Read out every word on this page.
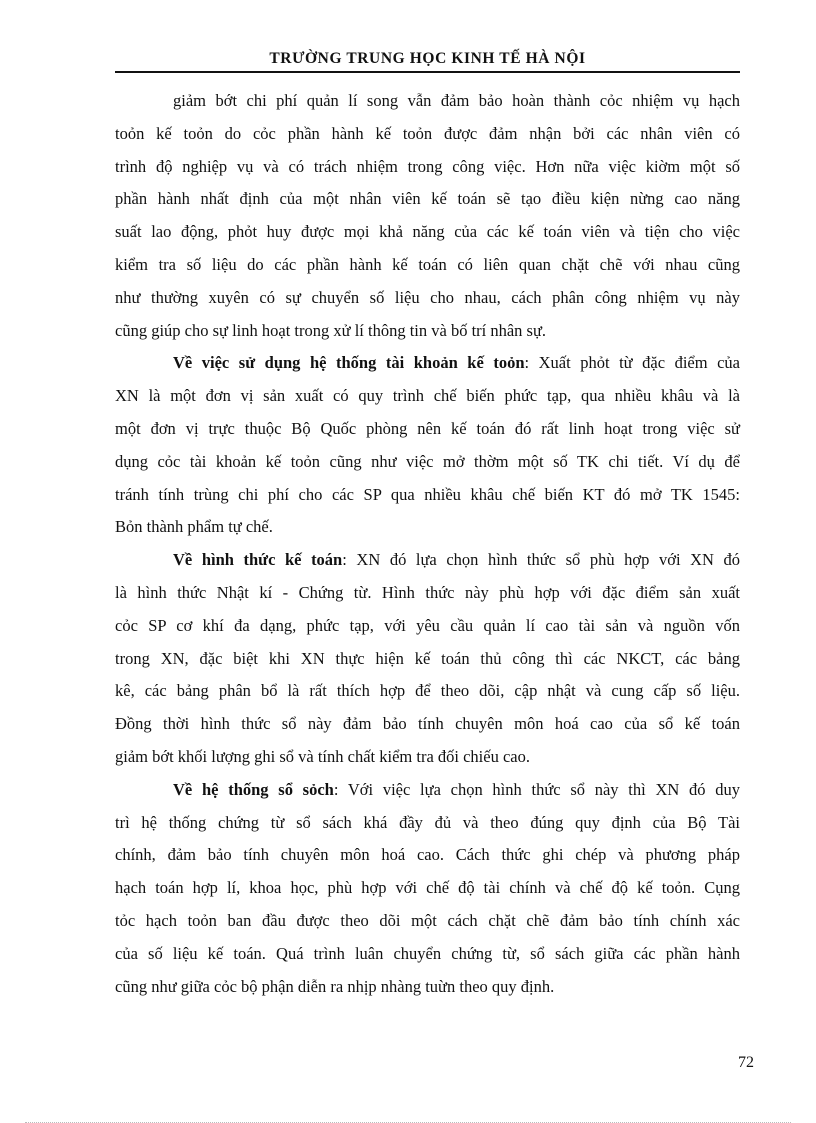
TRƯỜNG TRUNG HỌC KINH TẾ HÀ NỘI
giảm bớt chi phí quản lí song vẫn đảm bảo hoàn thành cỏc nhiệm vụ hạch
toỏn kế toỏn do cỏc phần hành kế toỏn được đảm nhận bởi các nhân viên có
trình độ nghiệp vụ và có trách nhiệm trong công việc. Hơn nữa việc kiờm một số
phần hành nhất định của một nhân viên kế toán sẽ tạo điều kiện nừng cao năng
suất lao động, phỏt huy được mọi khả năng của các kế toán viên và tiện cho việc
kiểm tra số liệu do các phần hành kế toán có liên quan chặt chẽ với nhau cũng
như thường xuyên có sự chuyển số liệu cho nhau, cách phân công nhiệm vụ này
cũng giúp cho sự linh hoạt trong xử lí thông tin và bố trí nhân sự.
Về việc sử dụng hệ thống tài khoản kế toỏn: Xuất phỏt từ đặc điểm của
XN là một đơn vị sản xuất có quy trình chế biến phức tạp, qua nhiều khâu và là
một đơn vị trực thuộc Bộ Quốc phòng nên kế toán đó rất linh hoạt trong việc sử
dụng cỏc tài khoản kế toỏn cũng như việc mở thờm một số TK chi tiết. Ví dụ để
tránh tính trùng chi phí cho các SP qua nhiều khâu chế biến KT đó mở TK 1545:
Bỏn thành phẩm tự chế.
Về hình thức kế toán: XN đó lựa chọn hình thức sổ phù hợp với XN đó
là hình thức Nhật kí - Chứng từ. Hình thức này phù hợp với đặc điểm sản xuất
cỏc SP cơ khí đa dạng, phức tạp, với yêu cầu quản lí cao tài sản và nguồn vốn
trong XN, đặc biệt khi XN thực hiện kế toán thủ công thì các NKCT, các bảng
kê, các bảng phân bổ là rất thích hợp để theo dõi, cập nhật và cung cấp số liệu.
Đồng thời hình thức sổ này đảm bảo tính chuyên môn hoá cao của sổ kế toán
giảm bớt khối lượng ghi sổ và tính chất kiểm tra đối chiếu cao.
Về hệ thống sổ sỏch: Với việc lựa chọn hình thức sổ này thì XN đó duy
trì hệ thống chứng từ sổ sách khá đầy đủ và theo đúng quy định của Bộ Tài
chính, đảm bảo tính chuyên môn hoá cao. Cách thức ghi chép và phương pháp
hạch toán hợp lí, khoa học, phù hợp với chế độ tài chính và chế độ kế toỏn. Cụng
tỏc hạch toỏn ban đầu được theo dõi một cách chặt chẽ đảm bảo tính chính xác
của số liệu kế toán. Quá trình luân chuyển chứng từ, sổ sách giữa các phần hành
cũng như giữa cỏc bộ phận diễn ra nhịp nhàng tuừn theo quy định.
72
